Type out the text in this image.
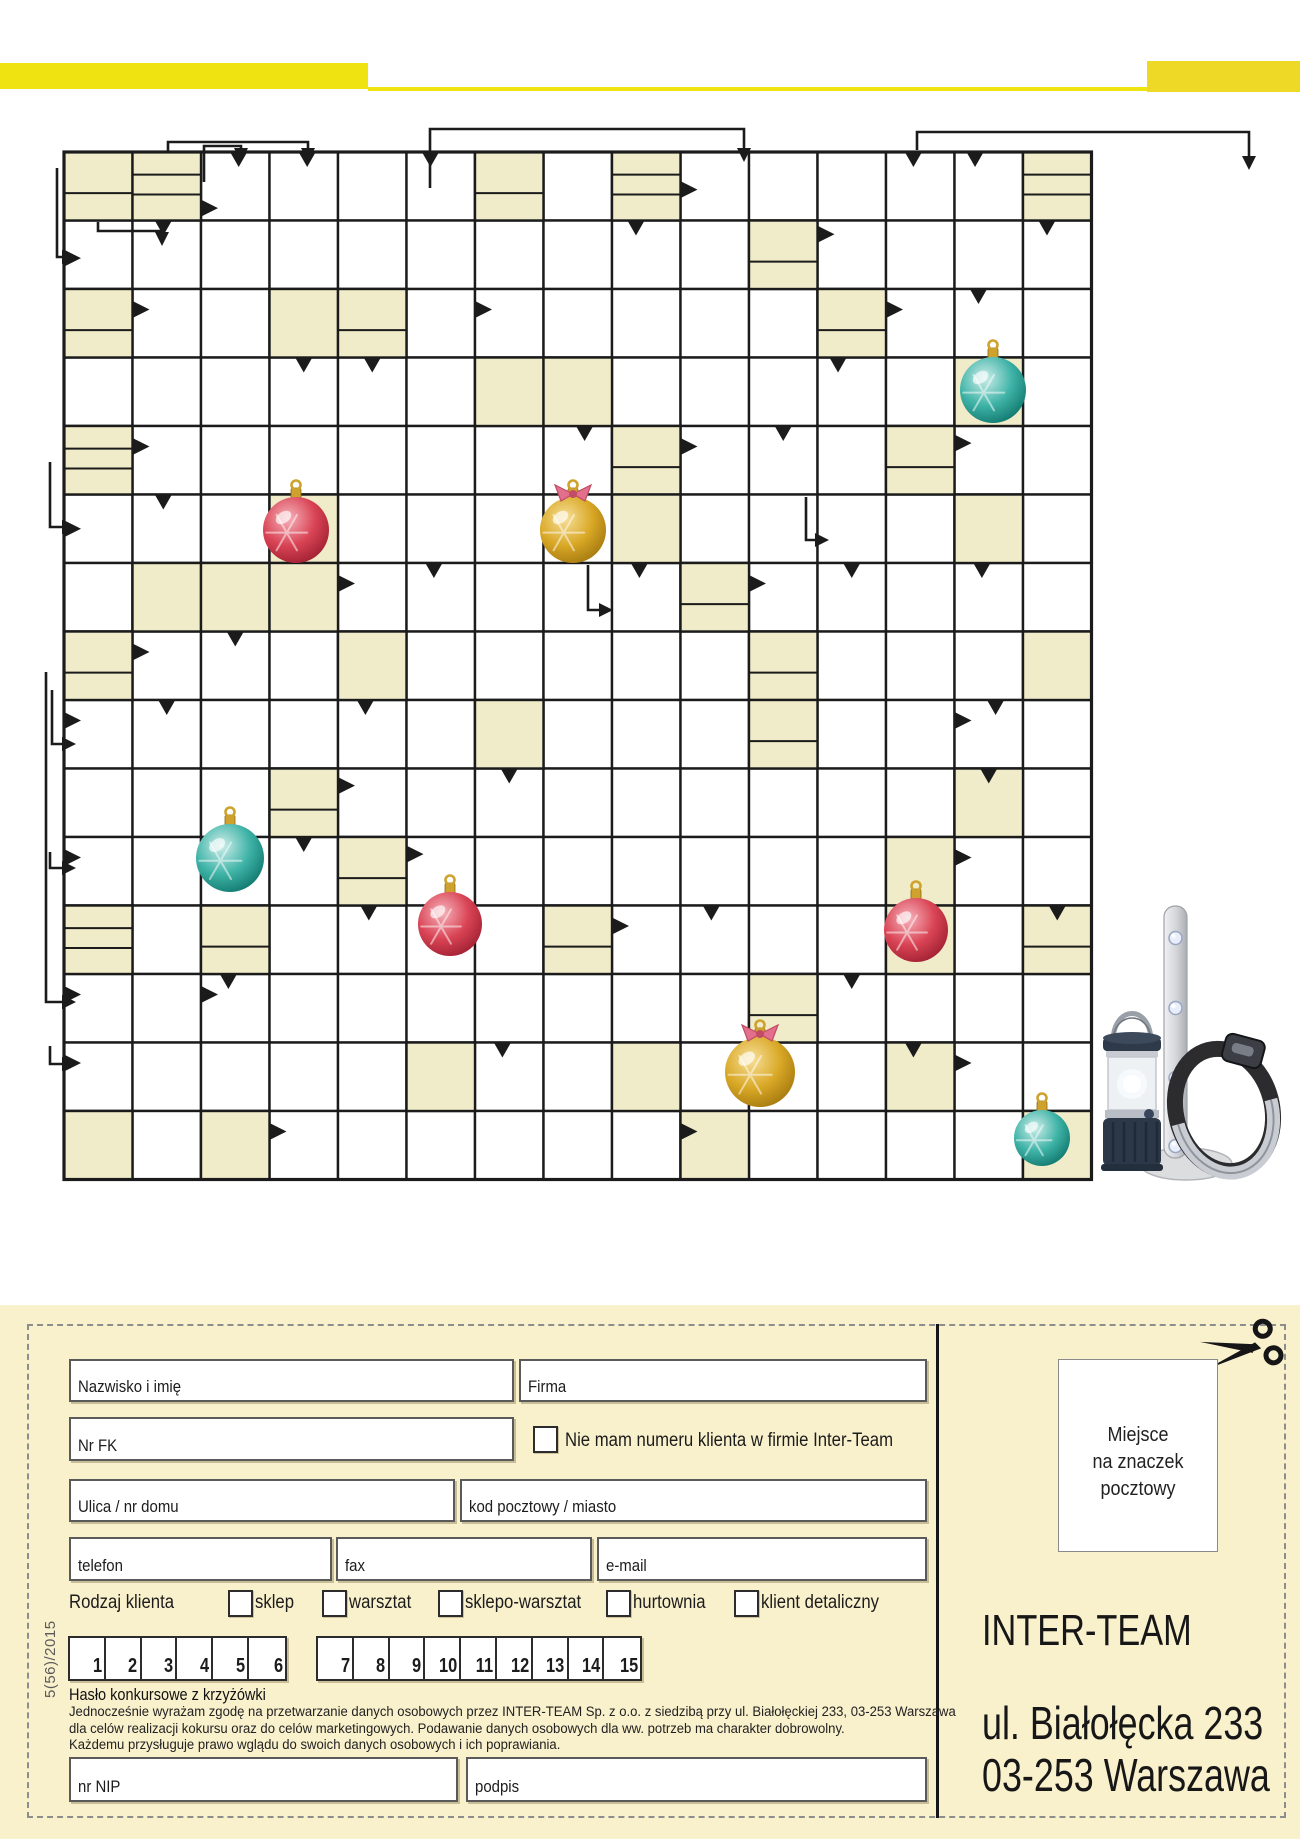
Nazwisko i imię	Firma
Nr FK
Ulica / nr domu	kod pocztowy / miasto
telefon	fax	e-mail
nr NIP	podpis
Nie mam numeru klienta w firmie Inter-Team
Rodzaj klienta	sklep	warsztat	sklepo-warsztat	hurtownia	klient detaliczny
1 2 3 4 5 6	7 8 9 10 11 12 13 14 15
Hasło konkursowe z krzyżówki
Jednocześnie wyrażam zgodę na przetwarzanie danych osobowych przez INTER-TEAM Sp. z o.o. z siedzibą przy ul. Białołęckiej 233, 03-253 Warszawa
dla celów realizacji kokursu oraz do celów marketingowych. Podawanie danych osobowych dla ww. potrzeb ma charakter dobrowolny.
Każdemu przysługuje prawo wglądu do swoich danych osobowych i ich poprawiania.
5(56)/2015
Miejsce
na znaczek
pocztowy
INTER-TEAM
ul. Białołęcka 233
03-253 Warszawa
